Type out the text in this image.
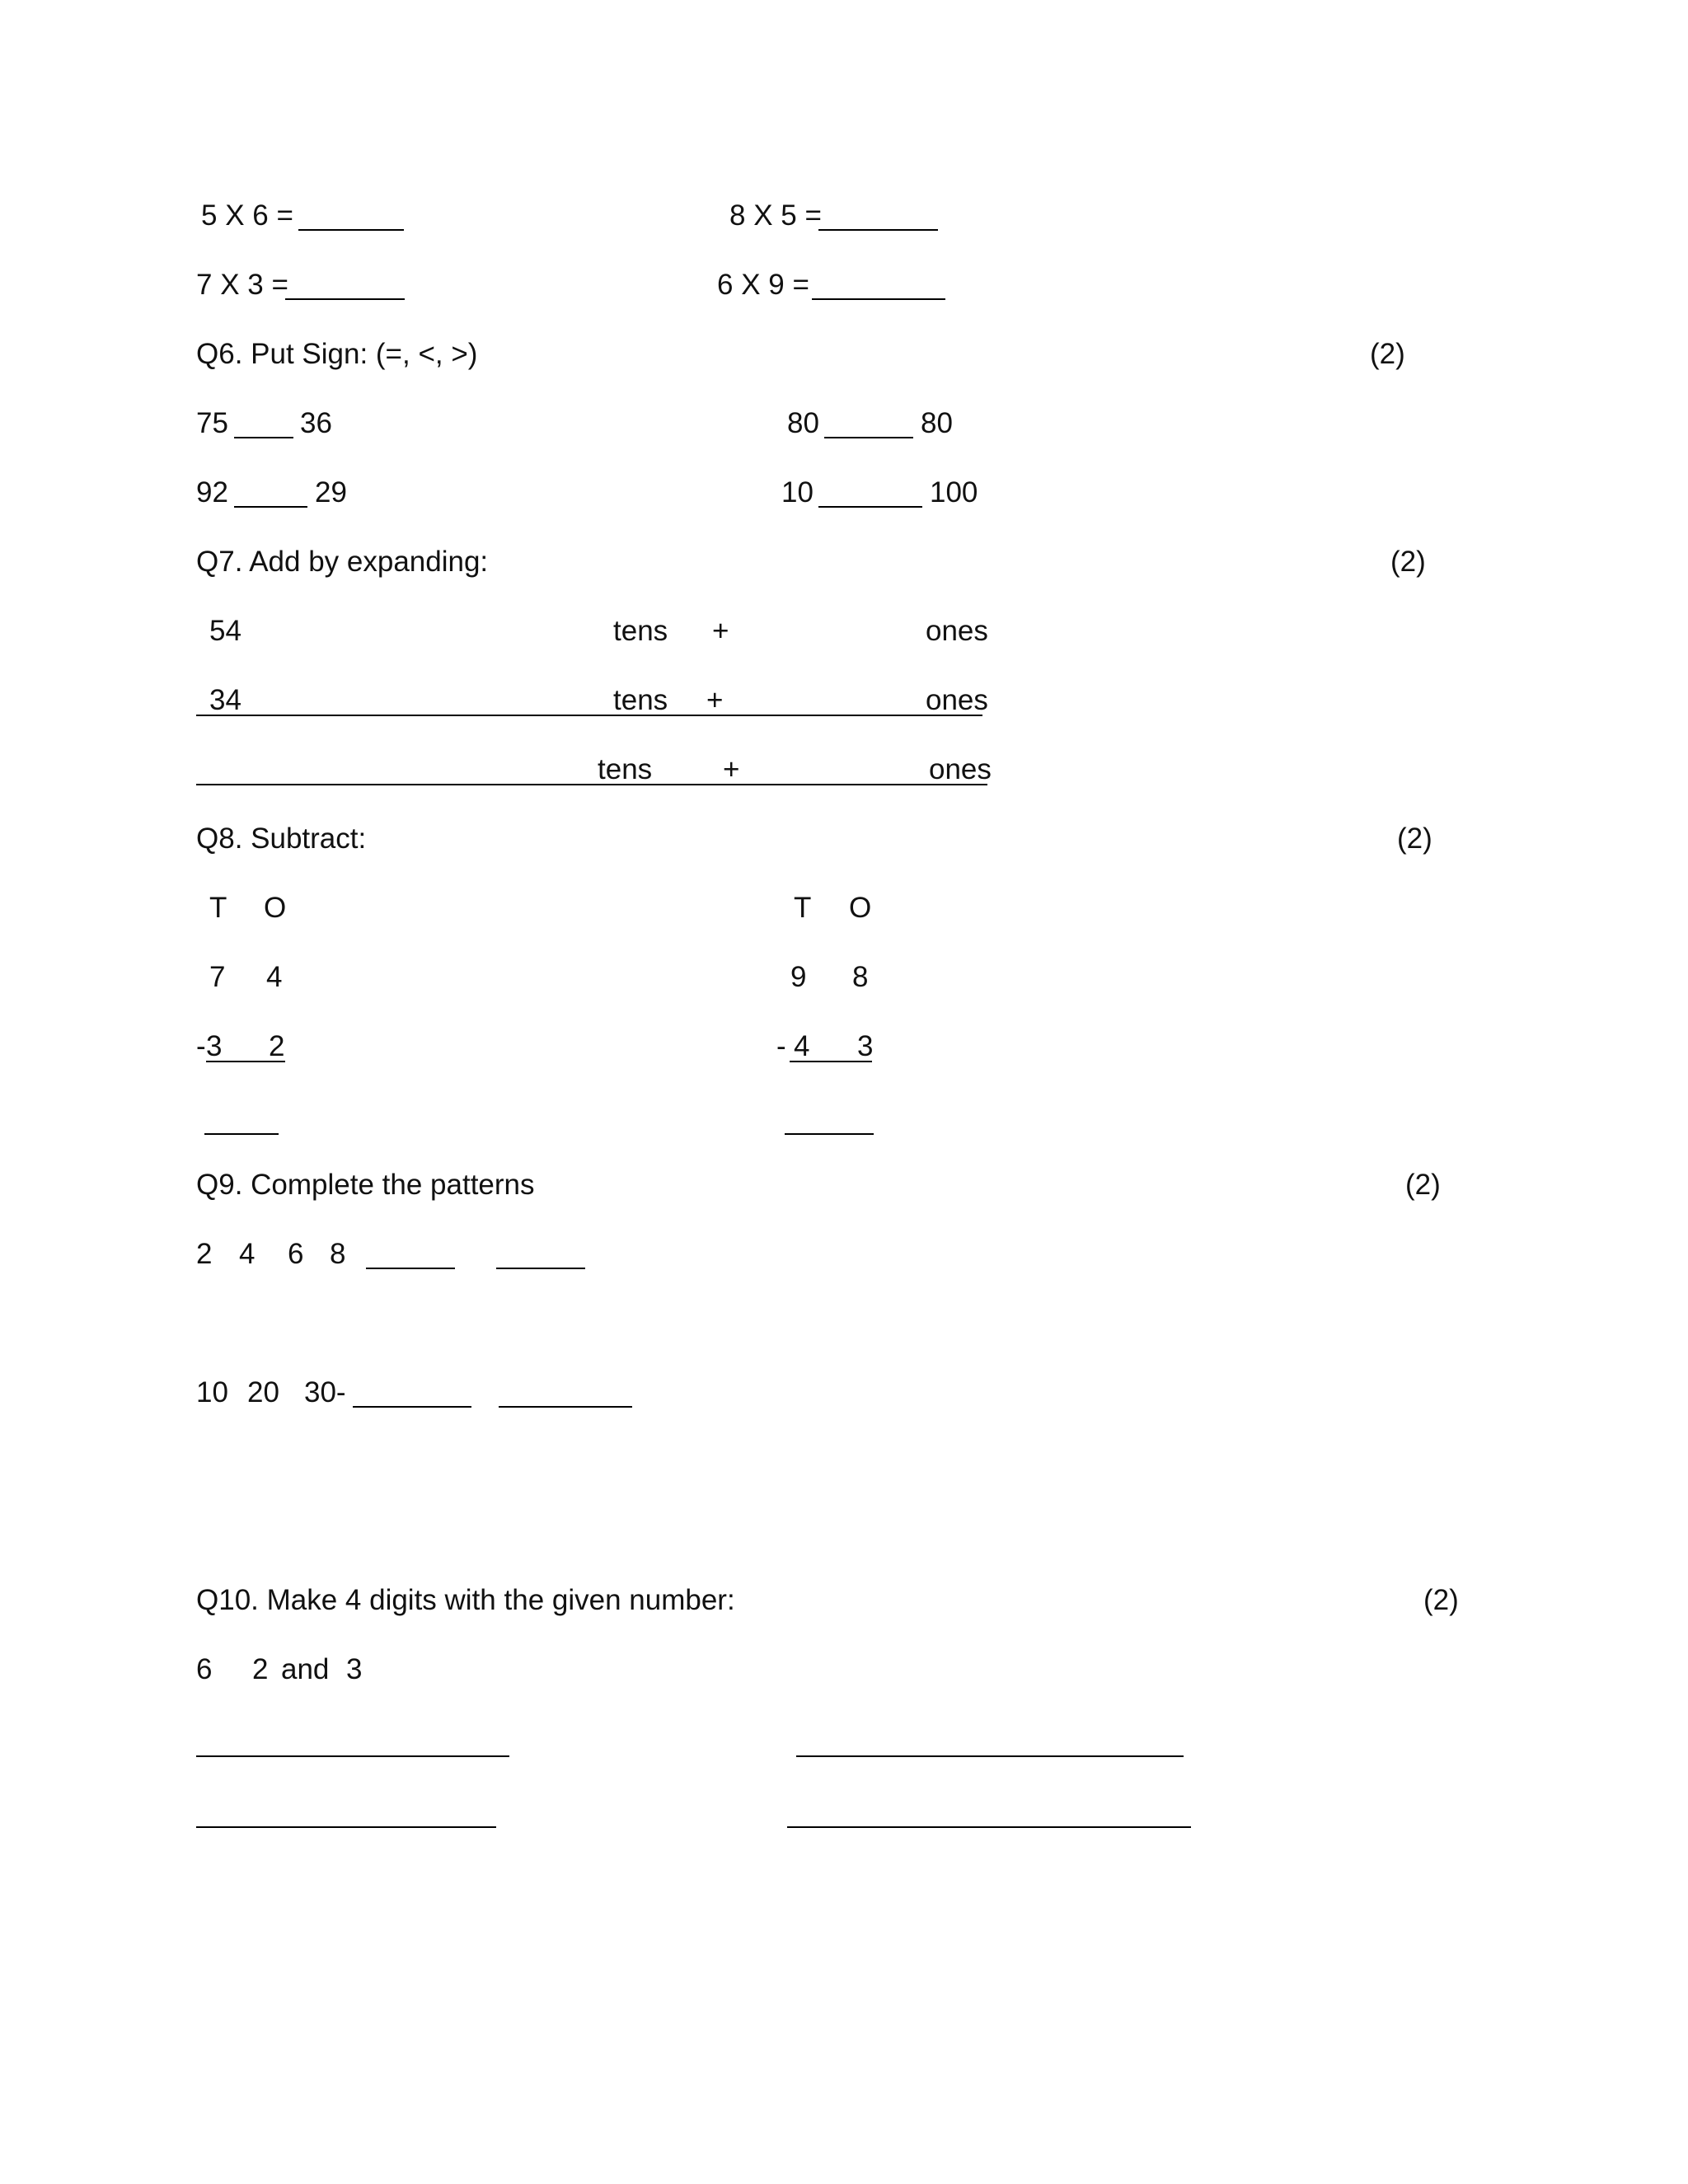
5 X 6 =	8 X 5 =
7 X 3 =	6 X 9 =
Q6. Put Sign: (=, <, >)	(2)
75 36	80	80
92	29	10	100
Q7. Add by expanding:	(2)
54	tens +	ones
34	tens +	ones
tens +	ones
Q8. Subtract:	(2)
T O
7 4
- 3 2
T O
9 8
- 4 3
Q9. Complete the patterns	(2)
2 4 6 8
10 20 30-
Q10. Make 4 digits with the given number:	(2)
6 2 and 3
